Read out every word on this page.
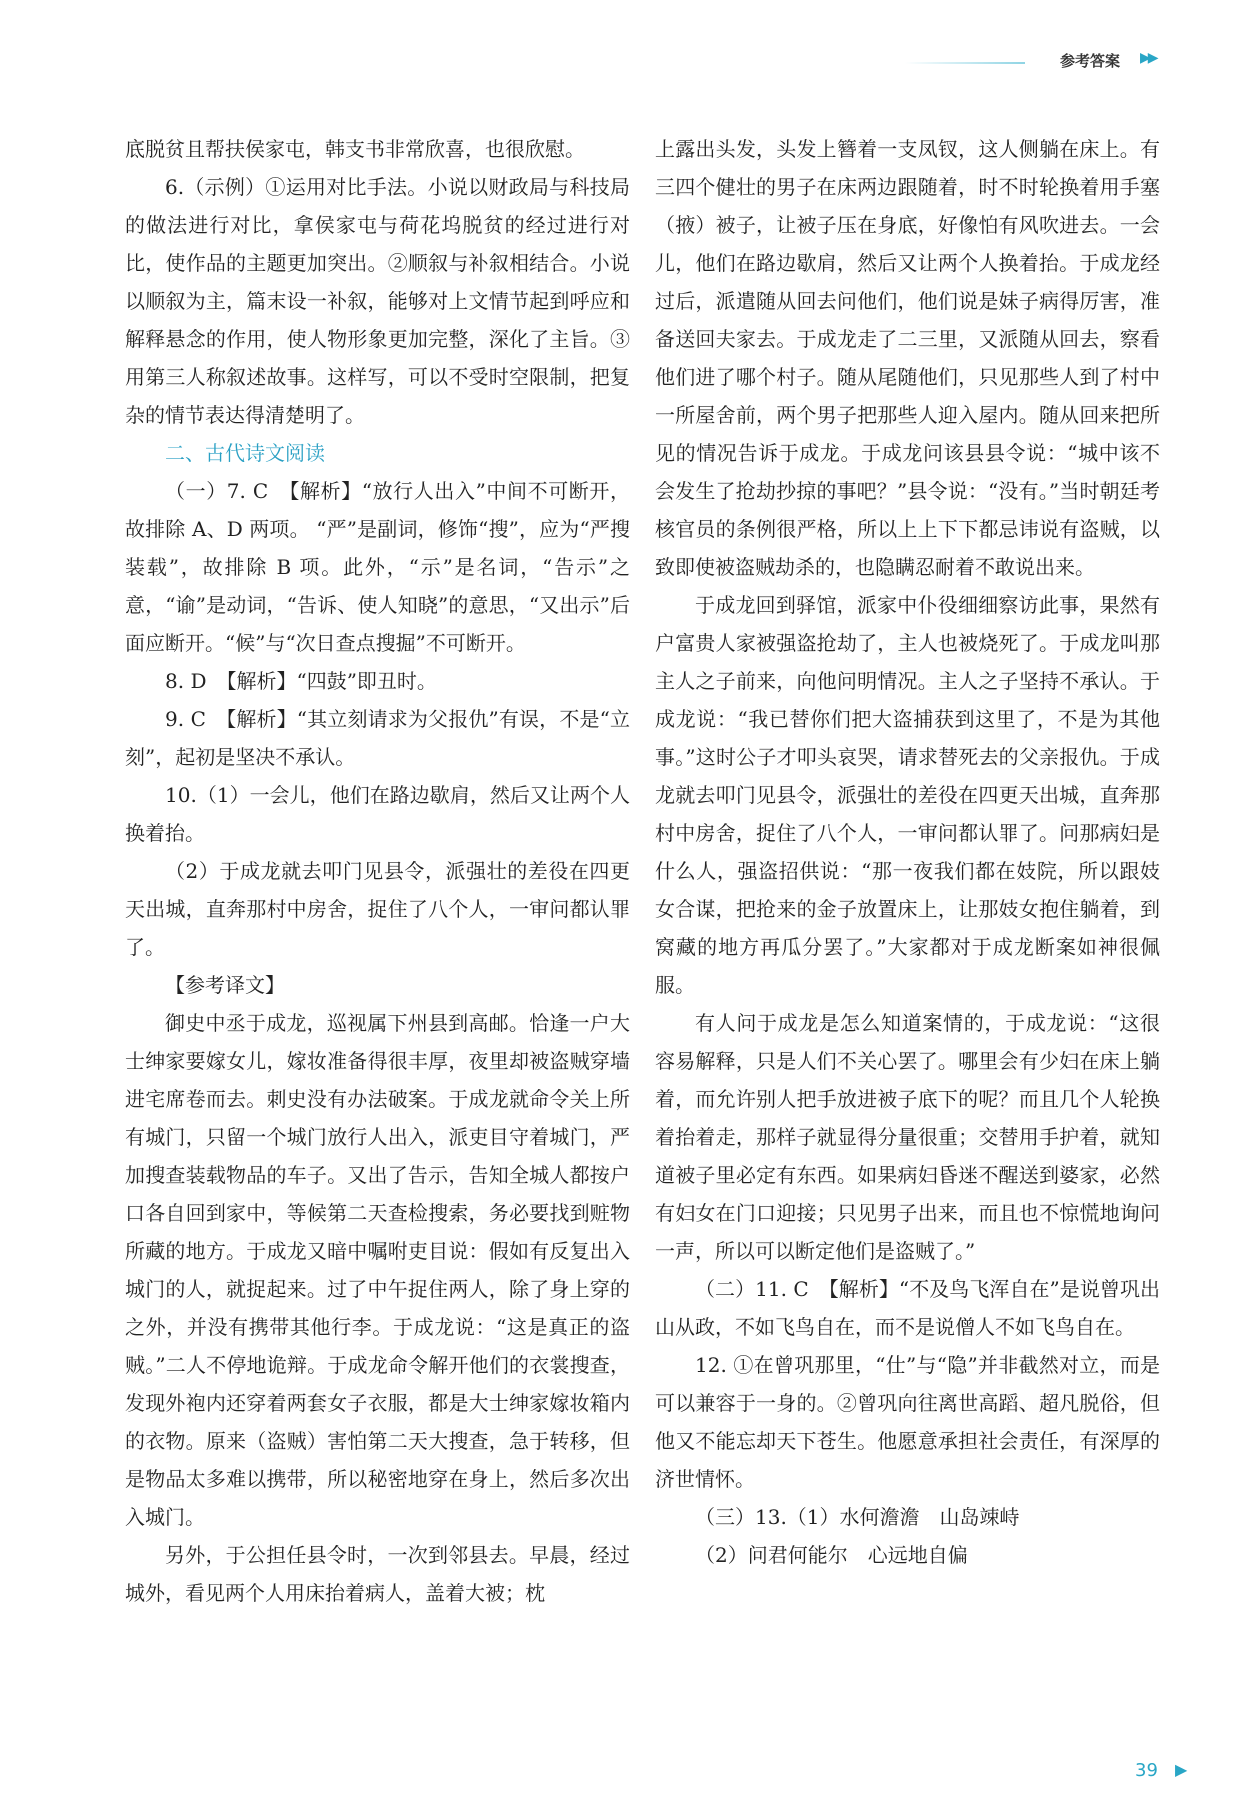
参考答案 ▶▶

底脱贫且帮扶侯家屯，韩支书非常欣喜，也很欣慰。

6.（示例）①运用对比手法。小说以财政局与科技局的做法进行对比，拿侯家屯与荷花坞脱贫的经过进行对比，使作品的主题更加突出。②顺叙与补叙相结合。小说以顺叙为主，篇末设一补叙，能够对上文情节起到呼应和解释悬念的作用，使人物形象更加完整，深化了主旨。③用第三人称叙述故事。这样写，可以不受时空限制，把复杂的情节表达得清楚明了。

二、古代诗文阅读

（一）7. C　【解析】“放行人出入”中间不可断开，故排除 A、D 两项。 “严”是副词，修饰“搜”，应为“严搜装载”，故排除 B 项。此外，“示”是名词，“告示”之意，“谕”是动词，“告诉、使人知晓”的意思，“又出示”后面应断开。“候”与“次日查点搜掘”不可断开。

8. D　【解析】“四鼓”即丑时。

9. C　【解析】“其立刻请求为父报仇”有误，不是“立刻”，起初是坚决不承认。

10.（1）一会儿，他们在路边歇肩，然后又让两个人换着抬。

（2）于成龙就去叩门见县令，派强壮的差役在四更天出城，直奔那村中房舍，捉住了八个人，一审问都认罪了。

【参考译文】

御史中丞于成龙，巡视属下州县到高邮。恰逢一户大士绅家要嫁女儿，嫁妆准备得很丰厚，夜里却被盗贼穿墙进宅席卷而去。刺史没有办法破案。于成龙就命令关上所有城门，只留一个城门放行人出入，派吏目守着城门，严加搜查装载物品的车子。又出了告示，告知全城人都按户口各自回到家中，等候第二天查检搜索，务必要找到赃物所藏的地方。于成龙又暗中嘱咐吏目说：假如有反复出入城门的人，就捉起来。过了中午捉住两人，除了身上穿的之外，并没有携带其他行李。于成龙说：“这是真正的盗贼。”二人不停地诡辩。于成龙命令解开他们的衣裳搜查，发现外袍内还穿着两套女子衣服，都是大士绅家嫁妆箱内的衣物。原来（盗贼）害怕第二天大搜查，急于转移，但是物品太多难以携带，所以秘密地穿在身上，然后多次出入城门。

另外，于公担任县令时，一次到邻县去。早晨，经过城外，看见两个人用床抬着病人，盖着大被；枕

上露出头发，头发上簪着一支凤钗，这人侧躺在床上。有三四个健壮的男子在床两边跟随着，时不时轮换着用手塞（掖）被子，让被子压在身底，好像怕有风吹进去。一会儿，他们在路边歇肩，然后又让两个人换着抬。于成龙经过后，派遣随从回去问他们，他们说是妹子病得厉害，准备送回夫家去。于成龙走了二三里，又派随从回去，察看他们进了哪个村子。随从尾随他们，只见那些人到了村中一所屋舍前，两个男子把那些人迎入屋内。随从回来把所见的情况告诉于成龙。于成龙问该县县令说：“城中该不会发生了抢劫抄掠的事吧？”县令说：“没有。”当时朝廷考核官员的条例很严格，所以上上下下都忌讳说有盗贼，以致即使被盗贼劫杀的，也隐瞒忍耐着不敢说出来。

于成龙回到驿馆，派家中仆役细细察访此事，果然有户富贵人家被强盗抢劫了，主人也被烧死了。于成龙叫那主人之子前来，向他问明情况。主人之子坚持不承认。于成龙说：“我已替你们把大盗捕获到这里了，不是为其他事。”这时公子才叩头哀哭，请求替死去的父亲报仇。于成龙就去叩门见县令，派强壮的差役在四更天出城，直奔那村中房舍，捉住了八个人，一审问都认罪了。问那病妇是什么人，强盗招供说：“那一夜我们都在妓院，所以跟妓女合谋，把抢来的金子放置床上，让那妓女抱住躺着，到窝藏的地方再瓜分罢了。”大家都对于成龙断案如神很佩服。

有人问于成龙是怎么知道案情的，于成龙说：“这很容易解释，只是人们不关心罢了。哪里会有少妇在床上躺着，而允许别人把手放进被子底下的呢？而且几个人轮换着抬着走，那样子就显得分量很重；交替用手护着，就知道被子里必定有东西。如果病妇昏迷不醒送到婆家，必然有妇女在门口迎接；只见男子出来，而且也不惊慌地询问一声，所以可以断定他们是盗贼了。”

（二）11. C　【解析】“不及鸟飞浑自在”是说曾巩出山从政，不如飞鸟自在，而不是说僧人不如飞鸟自在。

12. ①在曾巩那里，“仕”与“隐”并非截然对立，而是可以兼容于一身的。②曾巩向往离世高蹈、超凡脱俗，但他又不能忘却天下苍生。他愿意承担社会责任，有深厚的济世情怀。

（三）13.（1）水何澹澹　山岛竦峙

（2）问君何能尔　心远地自偏

39 ▶
